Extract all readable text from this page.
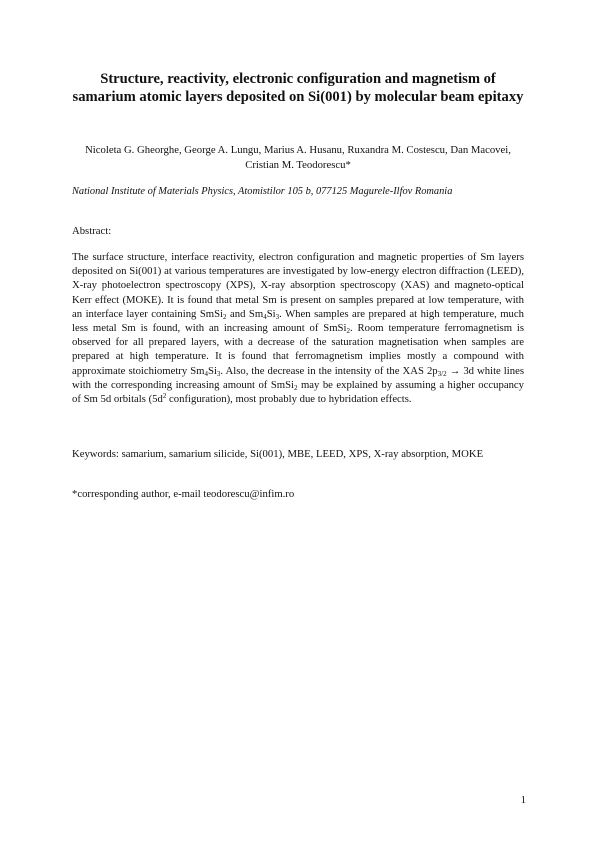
Structure, reactivity, electronic configuration and magnetism of samarium atomic layers deposited on Si(001) by molecular beam epitaxy

Nicoleta G. Gheorghe, George A. Lungu, Marius A. Husanu, Ruxandra M. Costescu, Dan Macovei, Cristian M. Teodorescu*

National Institute of Materials Physics, Atomistilor 105 b, 077125 Magurele-Ilfov Romania

Abstract:

The surface structure, interface reactivity, electron configuration and magnetic properties of Sm layers deposited on Si(001) at various temperatures are investigated by low-energy electron diffraction (LEED), X-ray photoelectron spectroscopy (XPS), X-ray absorption spectroscopy (XAS) and magneto-optical Kerr effect (MOKE). It is found that metal Sm is present on samples prepared at low temperature, with an interface layer containing SmSi$_2$ and $Sm_4Si_3$. When samples are prepared at high temperature, much less metal Sm is found, with an increasing amount of SmSi$_2$. Room temperature ferromagnetism is observed for all prepared layers, with a decrease of the saturation magnetisation when samples are prepared at high temperature. It is found that ferromagnetism implies mostly a compound with approximate stoichiometry $Sm_4Si_3$. Also, the decrease in the intensity of the XAS $2p_{3/2} \to 3d$ white lines with the corresponding increasing amount of SmSi$_2$ may be explained by assuming a higher occupancy of Sm 5d orbitals ($5d^2$ configuration), most probably due to hybridation effects.

Keywords: samarium, samarium silicide, Si(001), MBE, LEED, XPS, X-ray absorption, MOKE

*corresponding author, e-mail teodorescu@infim.ro

1
